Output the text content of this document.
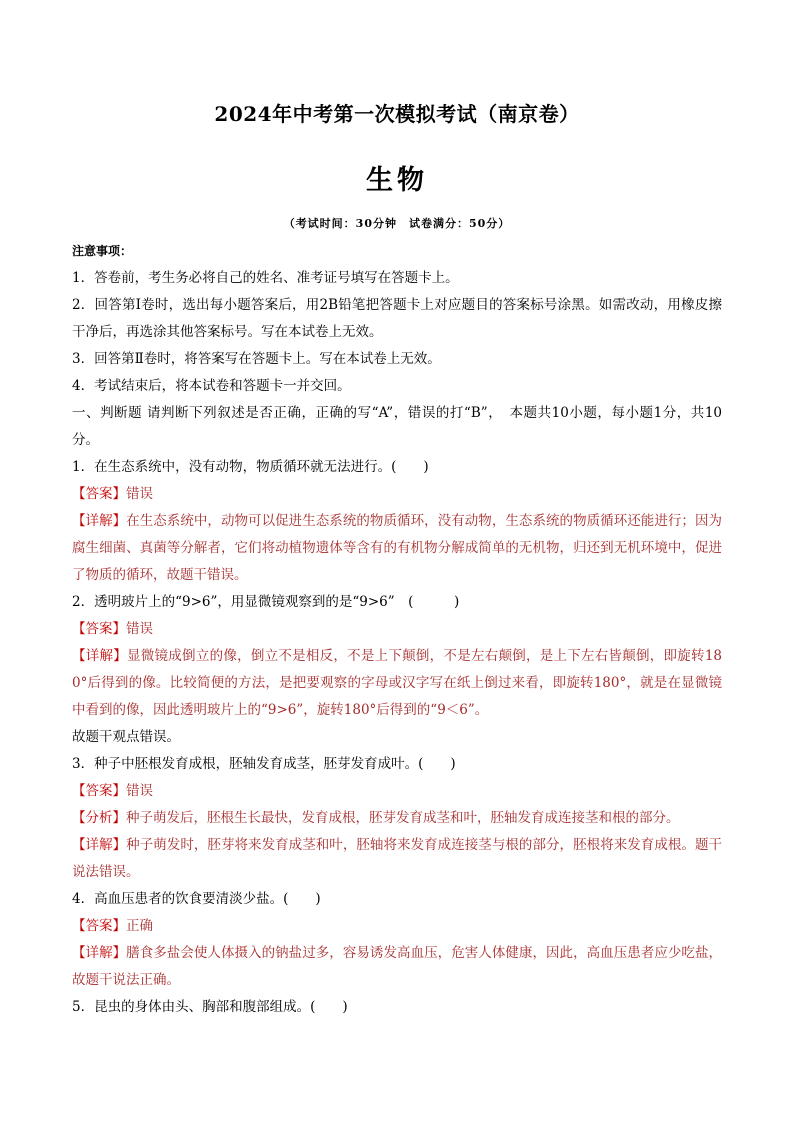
2024年中考第一次模拟考试（南京卷）
生物
（考试时间：30分钟　试卷满分：50分）

注意事项：

1．答卷前，考生务必将自己的姓名、准考证号填写在答题卡上。

2．回答第Ⅰ卷时，选出每小题答案后，用2B铅笔把答题卡上对应题目的答案标号涂黑。如需改动，用橡皮擦干净后，再选涂其他答案标号。写在本试卷上无效。

3．回答第Ⅱ卷时，将答案写在答题卡上。写在本试卷上无效。

4．考试结束后，将本试卷和答题卡一并交回。

一、判断题 请判断下列叙述是否正确，正确的写“A”，错误的打“B”，　本题共10小题，每小题1分，共10分。

1．在生态系统中，没有动物，物质循环就无法进行。(　　)

【答案】错误

【详解】在生态系统中，动物可以促进生态系统的物质循环，没有动物，生态系统的物质循环还能进行；因为腐生细菌、真菌等分解者，它们将动植物遗体等含有的有机物分解成简单的无机物，归还到无机环境中，促进了物质的循环，故题干错误。

2．透明玻片上的“9>6”，用显微镜观察到的是“9>6”　(　　　)

【答案】错误

【详解】显微镜成倒立的像，倒立不是相反，不是上下颠倒，不是左右颠倒，是上下左右皆颠倒，即旋转180°后得到的像。比较简便的方法，是把要观察的字母或汉字写在纸上倒过来看，即旋转180°，就是在显微镜中看到的像，因此透明玻片上的“9>6”，旋转180°后得到的“9＜6”。

故题干观点错误。

3．种子中胚根发育成根，胚轴发育成茎，胚芽发育成叶。(　　)

【答案】错误

【分析】种子萌发后，胚根生长最快，发育成根，胚芽发育成茎和叶，胚轴发育成连接茎和根的部分。

【详解】种子萌发时，胚芽将来发育成茎和叶，胚轴将来发育成连接茎与根的部分，胚根将来发育成根。题干说法错误。

4．高血压患者的饮食要清淡少盐。(　　)

【答案】正确

【详解】膳食多盐会使人体摄入的钠盐过多，容易诱发高血压，危害人体健康，因此，高血压患者应少吃盐，故题干说法正确。

5．昆虫的身体由头、胸部和腹部组成。(　　)
